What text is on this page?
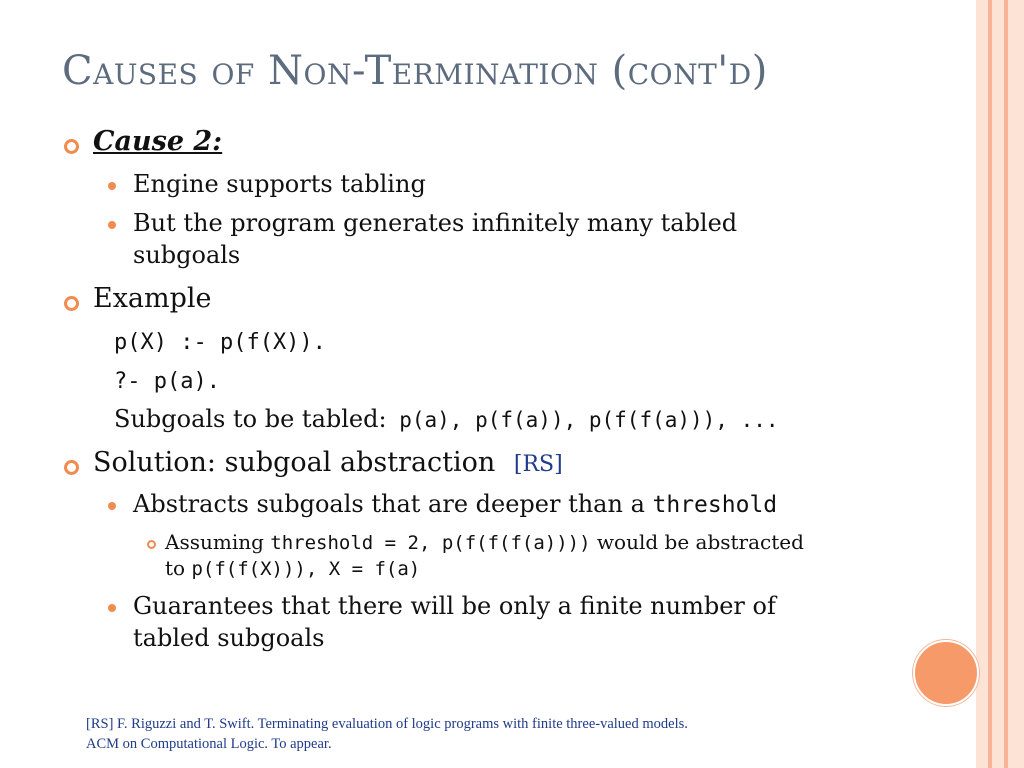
Causes of Non-Termination (cont'd)
Cause 2:
Engine supports tabling
But the program generates infinitely many tabled
subgoals
Example
p(X) :- p(f(X)).
?- p(a).
Subgoals to be tabled: p(a), p(f(a)), p(f(f(a))), ...
Solution: subgoal abstraction [RS]
Abstracts subgoals that are deeper than a threshold
Assuming threshold = 2, p(f(f(f(a)))) would be abstracted
to p(f(f(X))), X = f(a)
Guarantees that there will be only a finite number of
tabled subgoals
[RS] F. Riguzzi and T. Swift. Terminating evaluation of logic programs with finite three-valued models.
ACM on Computational Logic. To appear.
